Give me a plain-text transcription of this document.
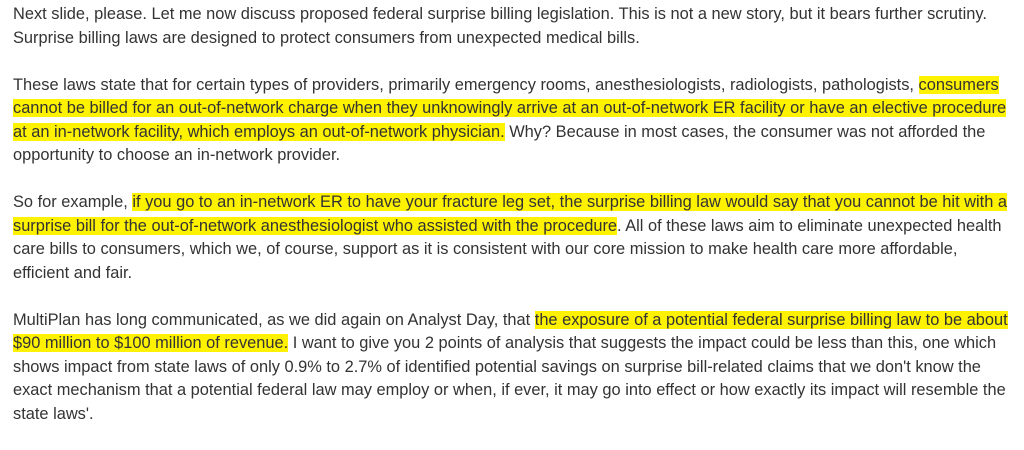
Next slide, please. Let me now discuss proposed federal surprise billing legislation. This is not a new story, but it bears further scrutiny. Surprise billing laws are designed to protect consumers from unexpected medical bills.

These laws state that for certain types of providers, primarily emergency rooms, anesthesiologists, radiologists, pathologists, consumers cannot be billed for an out-of-network charge when they unknowingly arrive at an out-of-network ER facility or have an elective procedure at an in-network facility, which employs an out-of-network physician. Why? Because in most cases, the consumer was not afforded the opportunity to choose an in-network provider.

So for example, if you go to an in-network ER to have your fracture leg set, the surprise billing law would say that you cannot be hit with a surprise bill for the out-of-network anesthesiologist who assisted with the procedure. All of these laws aim to eliminate unexpected health care bills to consumers, which we, of course, support as it is consistent with our core mission to make health care more affordable, efficient and fair.

MultiPlan has long communicated, as we did again on Analyst Day, that the exposure of a potential federal surprise billing law to be about $90 million to $100 million of revenue. I want to give you 2 points of analysis that suggests the impact could be less than this, one which shows impact from state laws of only 0.9% to 2.7% of identified potential savings on surprise bill-related claims that we don't know the exact mechanism that a potential federal law may employ or when, if ever, it may go into effect or how exactly its impact will resemble the state laws'.
